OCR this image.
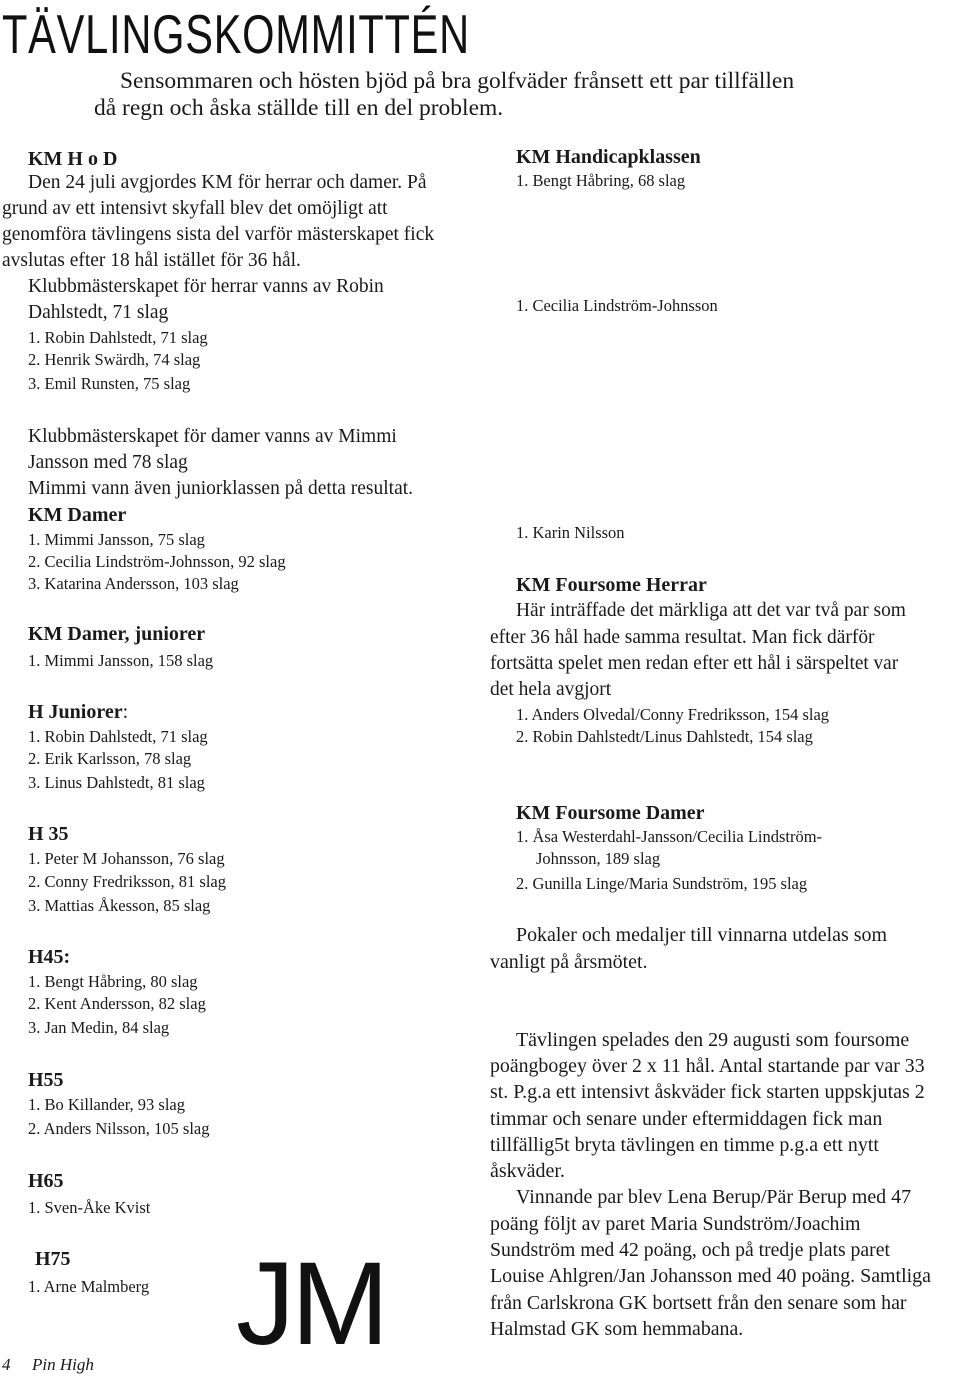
TÄVLINGSKOMMITTÉN
Sensommaren och hösten bjöd på bra golfväder frånsett ett par tillfällen
då regn och åska ställde till en del problem.
KM H o D
Den 24 juli avgjordes KM för herrar och damer. På
grund av ett intensivt skyfall blev det omöjligt att
genomföra tävlingens sista del varför mästerskapet fick
avslutas efter 18 hål istället för 36 hål.
Klubbmästerskapet för herrar vanns av Robin
Dahlstedt, 71 slag
1. Robin Dahlstedt, 71 slag
2. Henrik Swärdh, 74 slag
3. Emil Runsten, 75 slag
Klubbmästerskapet för damer vanns av Mimmi
Jansson med 78 slag
Mimmi vann även juniorklassen på detta resultat.
KM Damer
1. Mimmi Jansson, 75 slag
2. Cecilia Lindström-Johnsson, 92 slag
3. Katarina Andersson, 103 slag
KM Damer, juniorer
1. Mimmi Jansson, 158 slag
H Juniorer:
1. Robin Dahlstedt, 71 slag
2. Erik Karlsson, 78 slag
3. Linus Dahlstedt, 81 slag
H 35
1. Peter M Johansson, 76 slag
2. Conny Fredriksson, 81 slag
3. Mattias Åkesson, 85 slag
H45:
1. Bengt Håbring, 80 slag
2. Kent Andersson, 82 slag
3. Jan Medin, 84 slag
H55
1. Bo Killander, 93 slag
2. Anders Nilsson, 105 slag
H65
1. Sven-Åke Kvist
H75
1. Arne Malmberg JM
4 Pin High
KM Handicapklassen
1. Bengt Håbring, 68 slag
1. Cecilia Lindström-Johnsson
1. Karin Nilsson
KM Foursome Herrar
Här inträffade det märkliga att det var två par som
efter 36 hål hade samma resultat. Man fick därför
fortsätta spelet men redan efter ett hål i särspeltet var
det hela avgjort
1. Anders Olvedal/Conny Fredriksson, 154 slag
2. Robin Dahlstedt/Linus Dahlstedt, 154 slag
KM Foursome Damer
1. Åsa Westerdahl-Jansson/Cecilia Lindström-
Johnsson, 189 slag
2. Gunilla Linge/Maria Sundström, 195 slag
Pokaler och medaljer till vinnarna utdelas som
vanligt på årsmötet.
Tävlingen spelades den 29 augusti som foursome
poängbogey över 2 x 11 hål. Antal startande par var 33
st. P.g.a ett intensivt åskväder fick starten uppskjutas 2
timmar och senare under eftermiddagen fick man
tillfällig5t bryta tävlingen en timme p.g.a ett nytt
åskväder.
Vinnande par blev Lena Berup/Pär Berup med 47
poäng följt av paret Maria Sundström/Joachim
Sundström med 42 poäng, och på tredje plats paret
Louise Ahlgren/Jan Johansson med 40 poäng. Samtliga
från Carlskrona GK bortsett från den senare som har
Halmstad GK som hemmabana.
